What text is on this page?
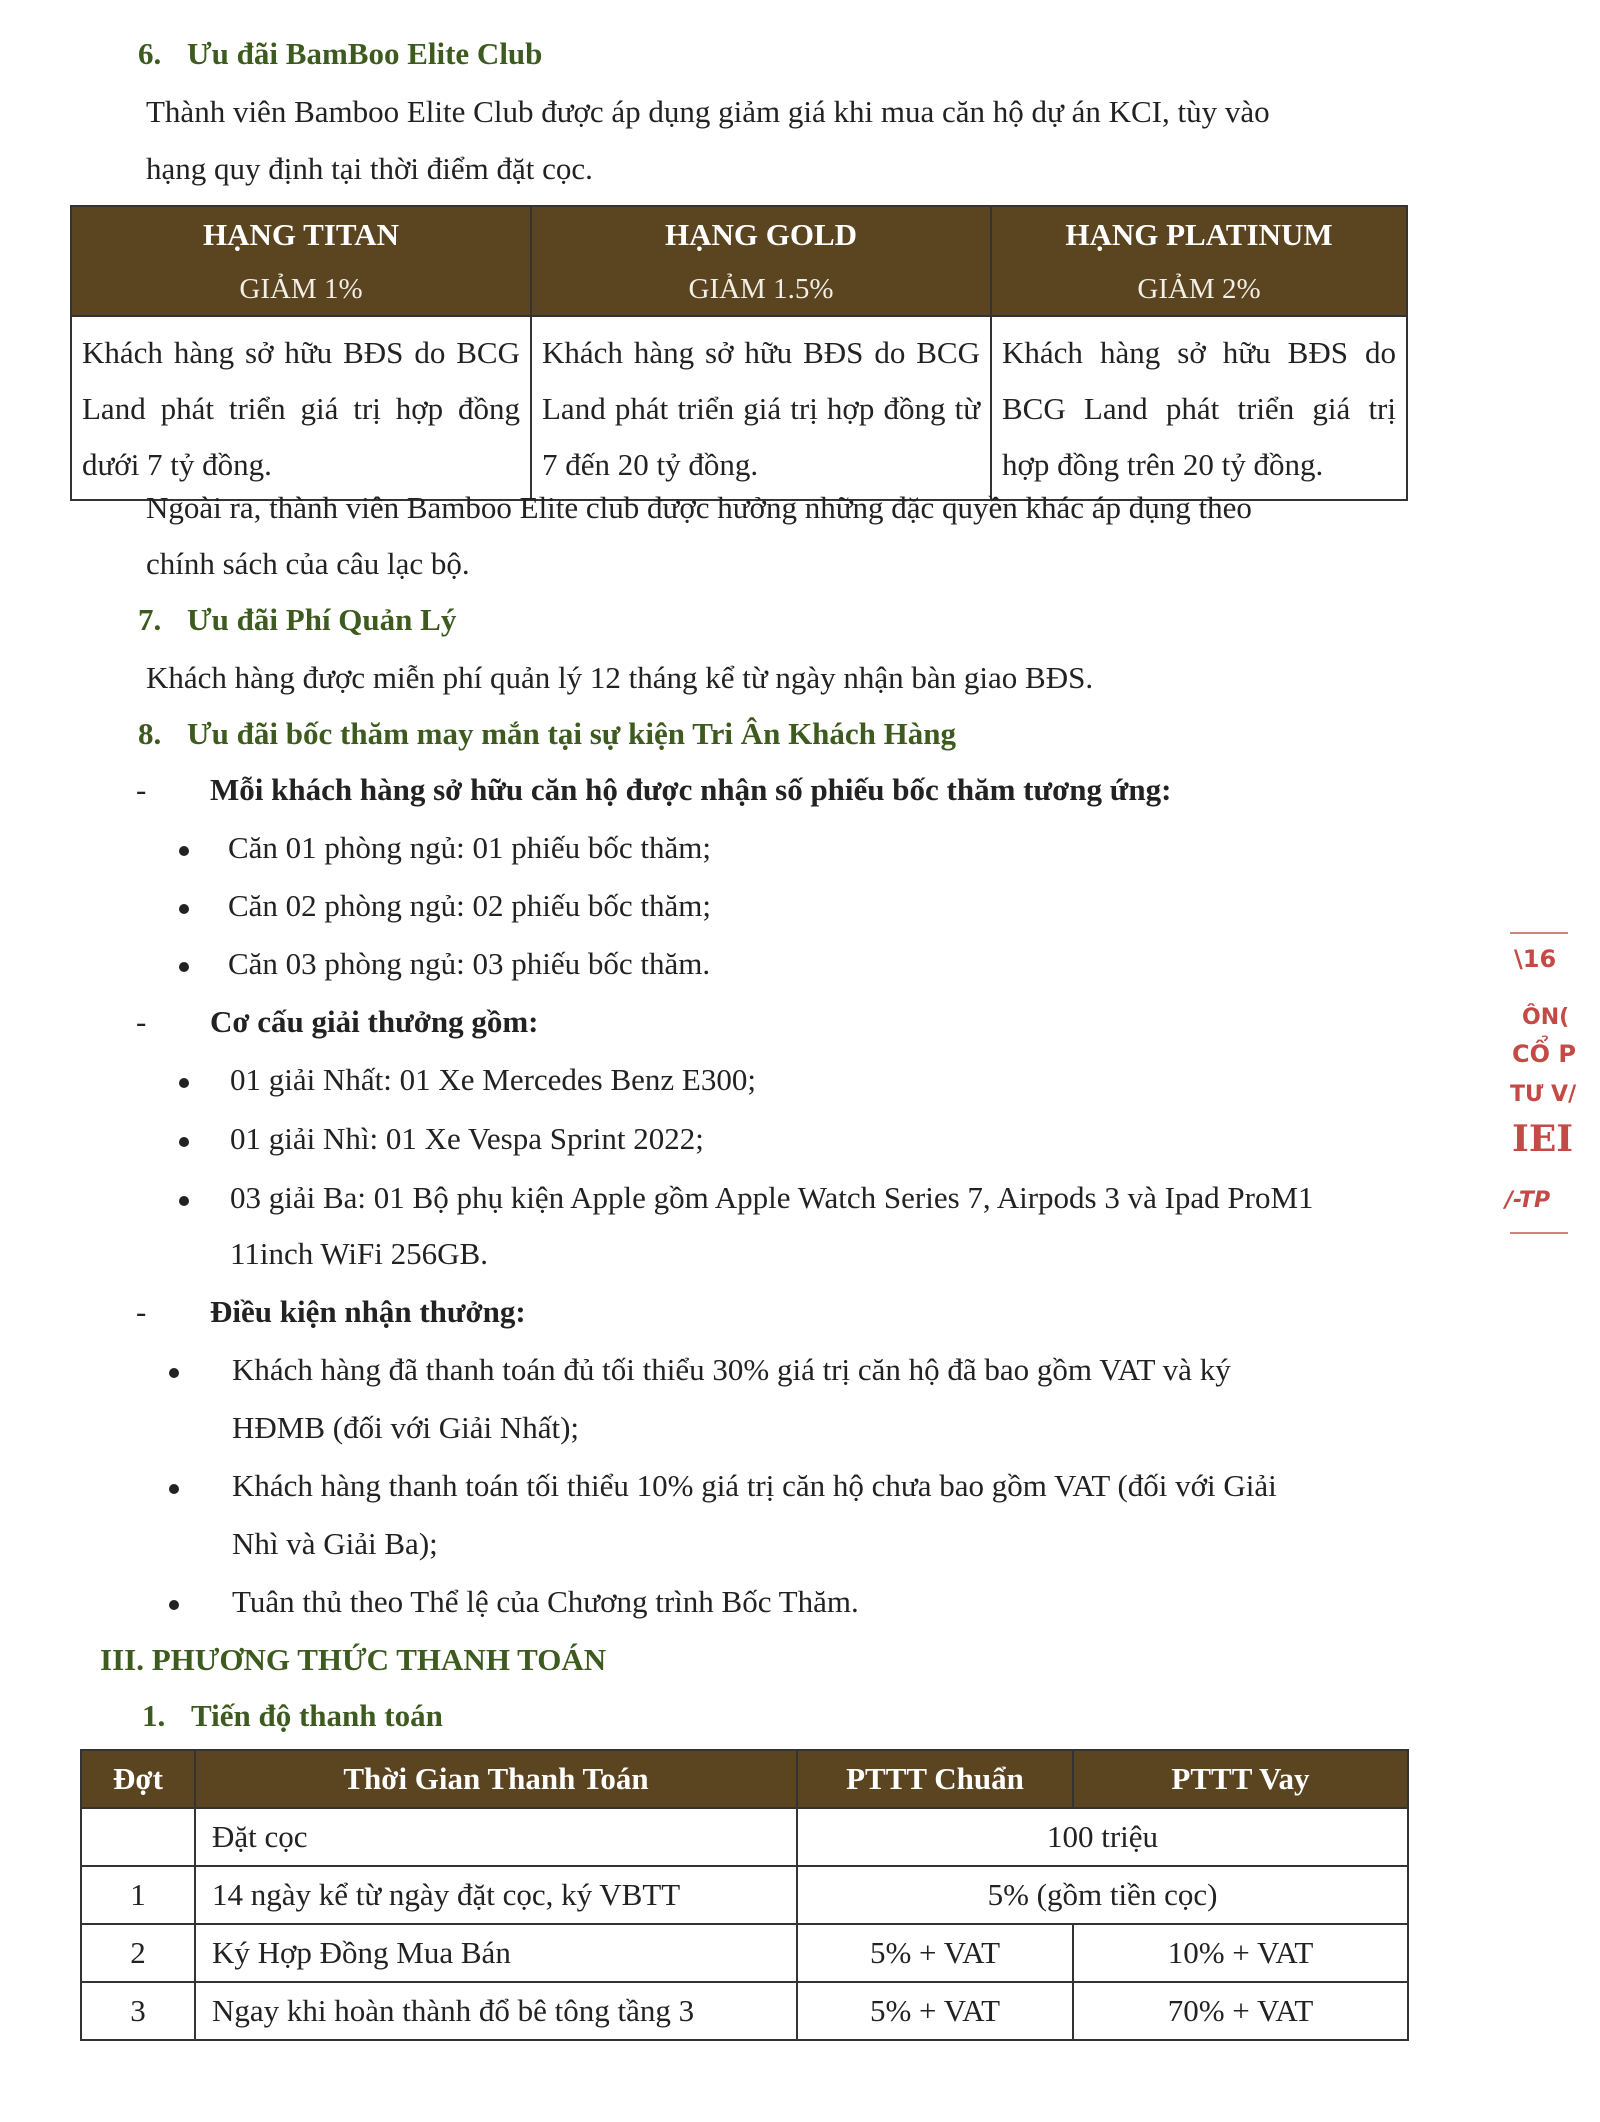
6. Ưu đãi BamBoo Elite Club
Thành viên Bamboo Elite Club được áp dụng giảm giá khi mua căn hộ dự án KCI, tùy vào
hạng quy định tại thời điểm đặt cọc.
HẠNG TITAN	HẠNG GOLD	HẠNG PLATINUM
GIẢM 1%	GIẢM 1.5%	GIẢM 2%
Khách hàng sở hữu BĐS do BCG Land phát triển giá trị hợp đồng dưới 7 tỷ đồng.	Khách hàng sở hữu BĐS do BCG Land phát triển giá trị hợp đồng từ 7 đến 20 tỷ đồng.	Khách hàng sở hữu BĐS do BCG Land phát triển giá trị hợp đồng trên 20 tỷ đồng.
Ngoài ra, thành viên Bamboo Elite club được hưởng những đặc quyền khác áp dụng theo
chính sách của câu lạc bộ.
7. Ưu đãi Phí Quản Lý
Khách hàng được miễn phí quản lý 12 tháng kể từ ngày nhận bàn giao BĐS.
8. Ưu đãi bốc thăm may mắn tại sự kiện Tri Ân Khách Hàng
- Mỗi khách hàng sở hữu căn hộ được nhận số phiếu bốc thăm tương ứng:
Căn 01 phòng ngủ: 01 phiếu bốc thăm;
Căn 02 phòng ngủ: 02 phiếu bốc thăm;
Căn 03 phòng ngủ: 03 phiếu bốc thăm.
- Cơ cấu giải thưởng gồm:
01 giải Nhất: 01 Xe Mercedes Benz E300;
01 giải Nhì: 01 Xe Vespa Sprint 2022;
03 giải Ba: 01 Bộ phụ kiện Apple gồm Apple Watch Series 7, Airpods 3 và Ipad ProM1
11inch WiFi 256GB.
- Điều kiện nhận thưởng:
Khách hàng đã thanh toán đủ tối thiểu 30% giá trị căn hộ đã bao gồm VAT và ký
HĐMB (đối với Giải Nhất);
Khách hàng thanh toán tối thiểu 10% giá trị căn hộ chưa bao gồm VAT (đối với Giải
Nhì và Giải Ba);
Tuân thủ theo Thể lệ của Chương trình Bốc Thăm.
III. PHƯƠNG THỨC THANH TOÁN
1. Tiến độ thanh toán
Đợt	Thời Gian Thanh Toán	PTTT Chuẩn	PTTT Vay
	Đặt cọc	100 triệu	
1	14 ngày kể từ ngày đặt cọc, ký VBTT	5% (gồm tiền cọc)	
2	Ký Hợp Đồng Mua Bán	5% + VAT	10% + VAT
3	Ngay khi hoàn thành đổ bê tông tầng 3	5% + VAT	70% + VAT
\16
ÔN(
CỔ P
TƯ V/
IEI
/-TP
